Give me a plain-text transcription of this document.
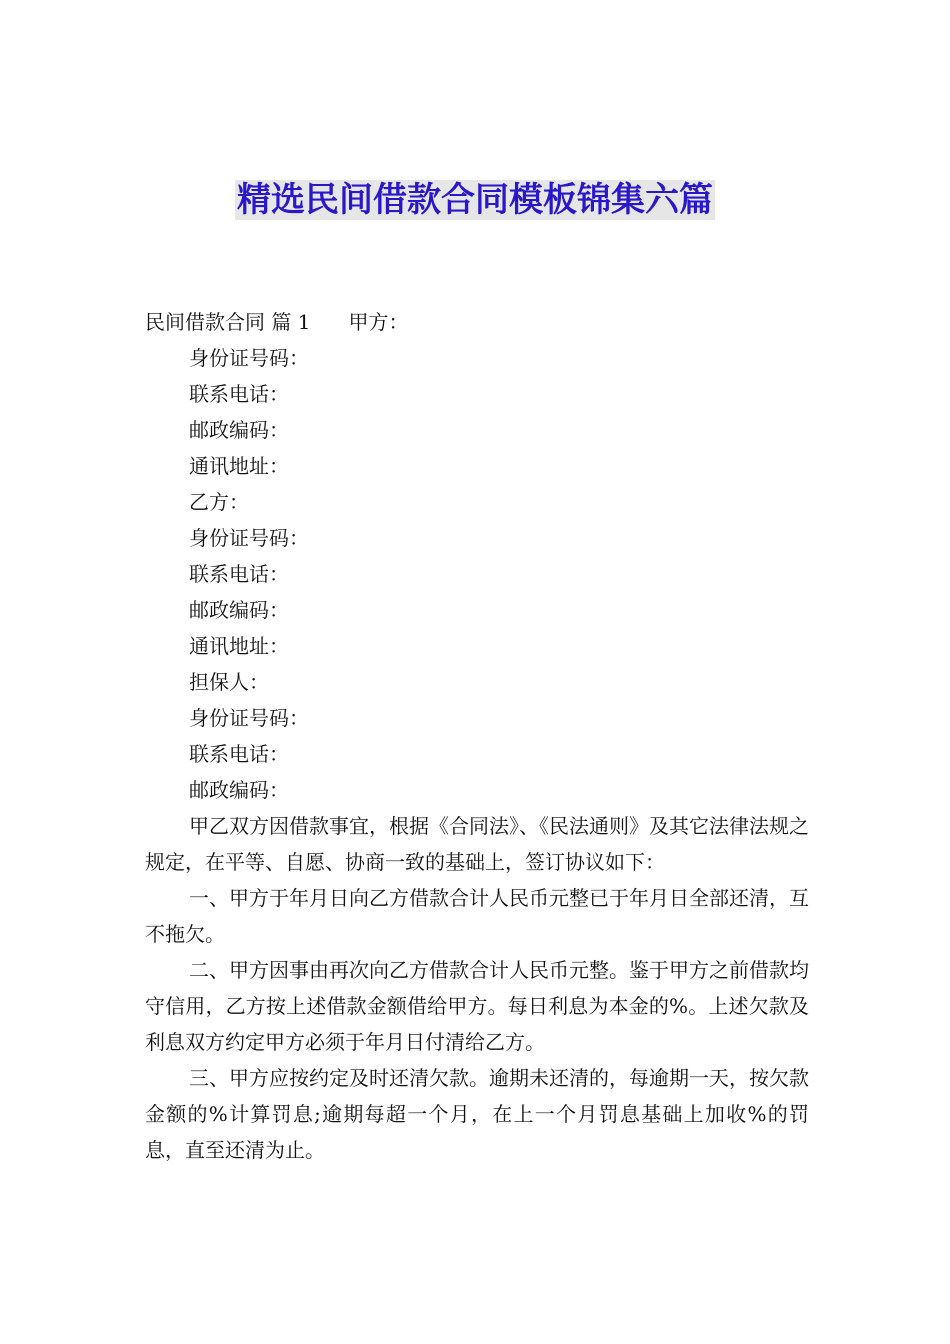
精选民间借款合同模板锦集六篇
民间借款合同 篇 1 甲方：
身份证号码：
联系电话：
邮政编码：
通讯地址：
乙方：
身份证号码：
联系电话：
邮政编码：
通讯地址：
担保人：
身份证号码：
联系电话：
邮政编码：

甲乙双方因借款事宜，根据《合同法》、《民法通则》及其它法律法规之规定，在平等、自愿、协商一致的基础上，签订协议如下：

一、甲方于年月日向乙方借款合计人民币元整已于年月日全部还清，互不拖欠。

二、甲方因事由再次向乙方借款合计人民币元整。鉴于甲方之前借款均守信用，乙方按上述借款金额借给甲方。每日利息为本金的%。上述欠款及利息双方约定甲方必须于年月日付清给乙方。

三、甲方应按约定及时还清欠款。逾期未还清的，每逾期一天，按欠款金额的%计算罚息;逾期每超一个月，在上一个月罚息基础上加收%的罚息，直至还清为止。
